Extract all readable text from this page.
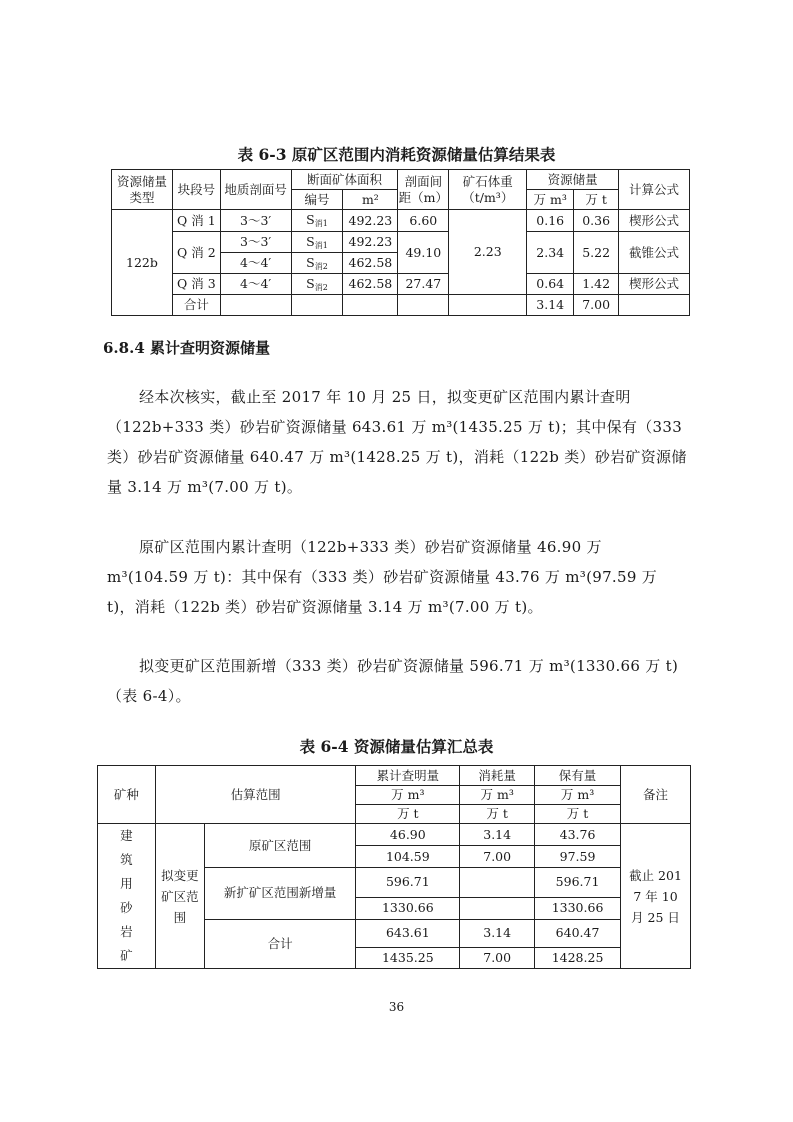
表 6-3 原矿区范围内消耗资源储量估算结果表
资源储量类型	块段号	地质剖面号	断面矿体面积		剖面间距（m）	矿石体重（t/m³）	资源储量		计算公式
			编号	m²			万 m³	万 t	
122b	Q 消 1	3～3′	$S_{消1}$	492.23	6.60	2.23	0.16	0.36	楔形公式
	Q 消 2	3～3′	$S_{消1}$	492.23	49.10		2.34	5.22	截锥公式
		4～4′	$S_{消2}$	462.58					
	Q 消 3	4～4′	$S_{消2}$	462.58	27.47		0.64	1.42	楔形公式
	合计						3.14	7.00	
6.8.4 累计查明资源储量

经本次核实，截止至 2017 年 10 月 25 日，拟变更矿区范围内累计查明（122b+333 类）砂岩矿资源储量 643.61 万 m³(1435.25 万 t)；其中保有（333 类）砂岩矿资源储量 640.47 万 m³(1428.25 万 t)，消耗（122b 类）砂岩矿资源储量 3.14 万 m³(7.00 万 t)。

原矿区范围内累计查明（122b+333 类）砂岩矿资源储量 46.90 万 m³(104.59 万 t)：其中保有（333 类）砂岩矿资源储量 43.76 万 m³(97.59 万 t)，消耗（122b 类）砂岩矿资源储量 3.14 万 m³(7.00 万 t)。

拟变更矿区范围新增（333 类）砂岩矿资源储量 596.71 万 m³(1330.66 万 t)（表 6-4）。

表 6-4 资源储量估算汇总表
矿种	估算范围		累计查明量	消耗量	保有量	备注
			万 m³	万 m³	万 m³	
			万 t	万 t	万 t	

建筑用砂岩矿	拟变更矿区范围	原矿区范围	46.90	3.14	43.76	截止 2017 年 10 月 25 日

			104.59	7.00	97.59	
		新扩矿区范围新增量	596.71		596.71	
			1330.66		1330.66	
		合计	643.61	3.14	640.47	
			1435.25	7.00	1428.25	
36
